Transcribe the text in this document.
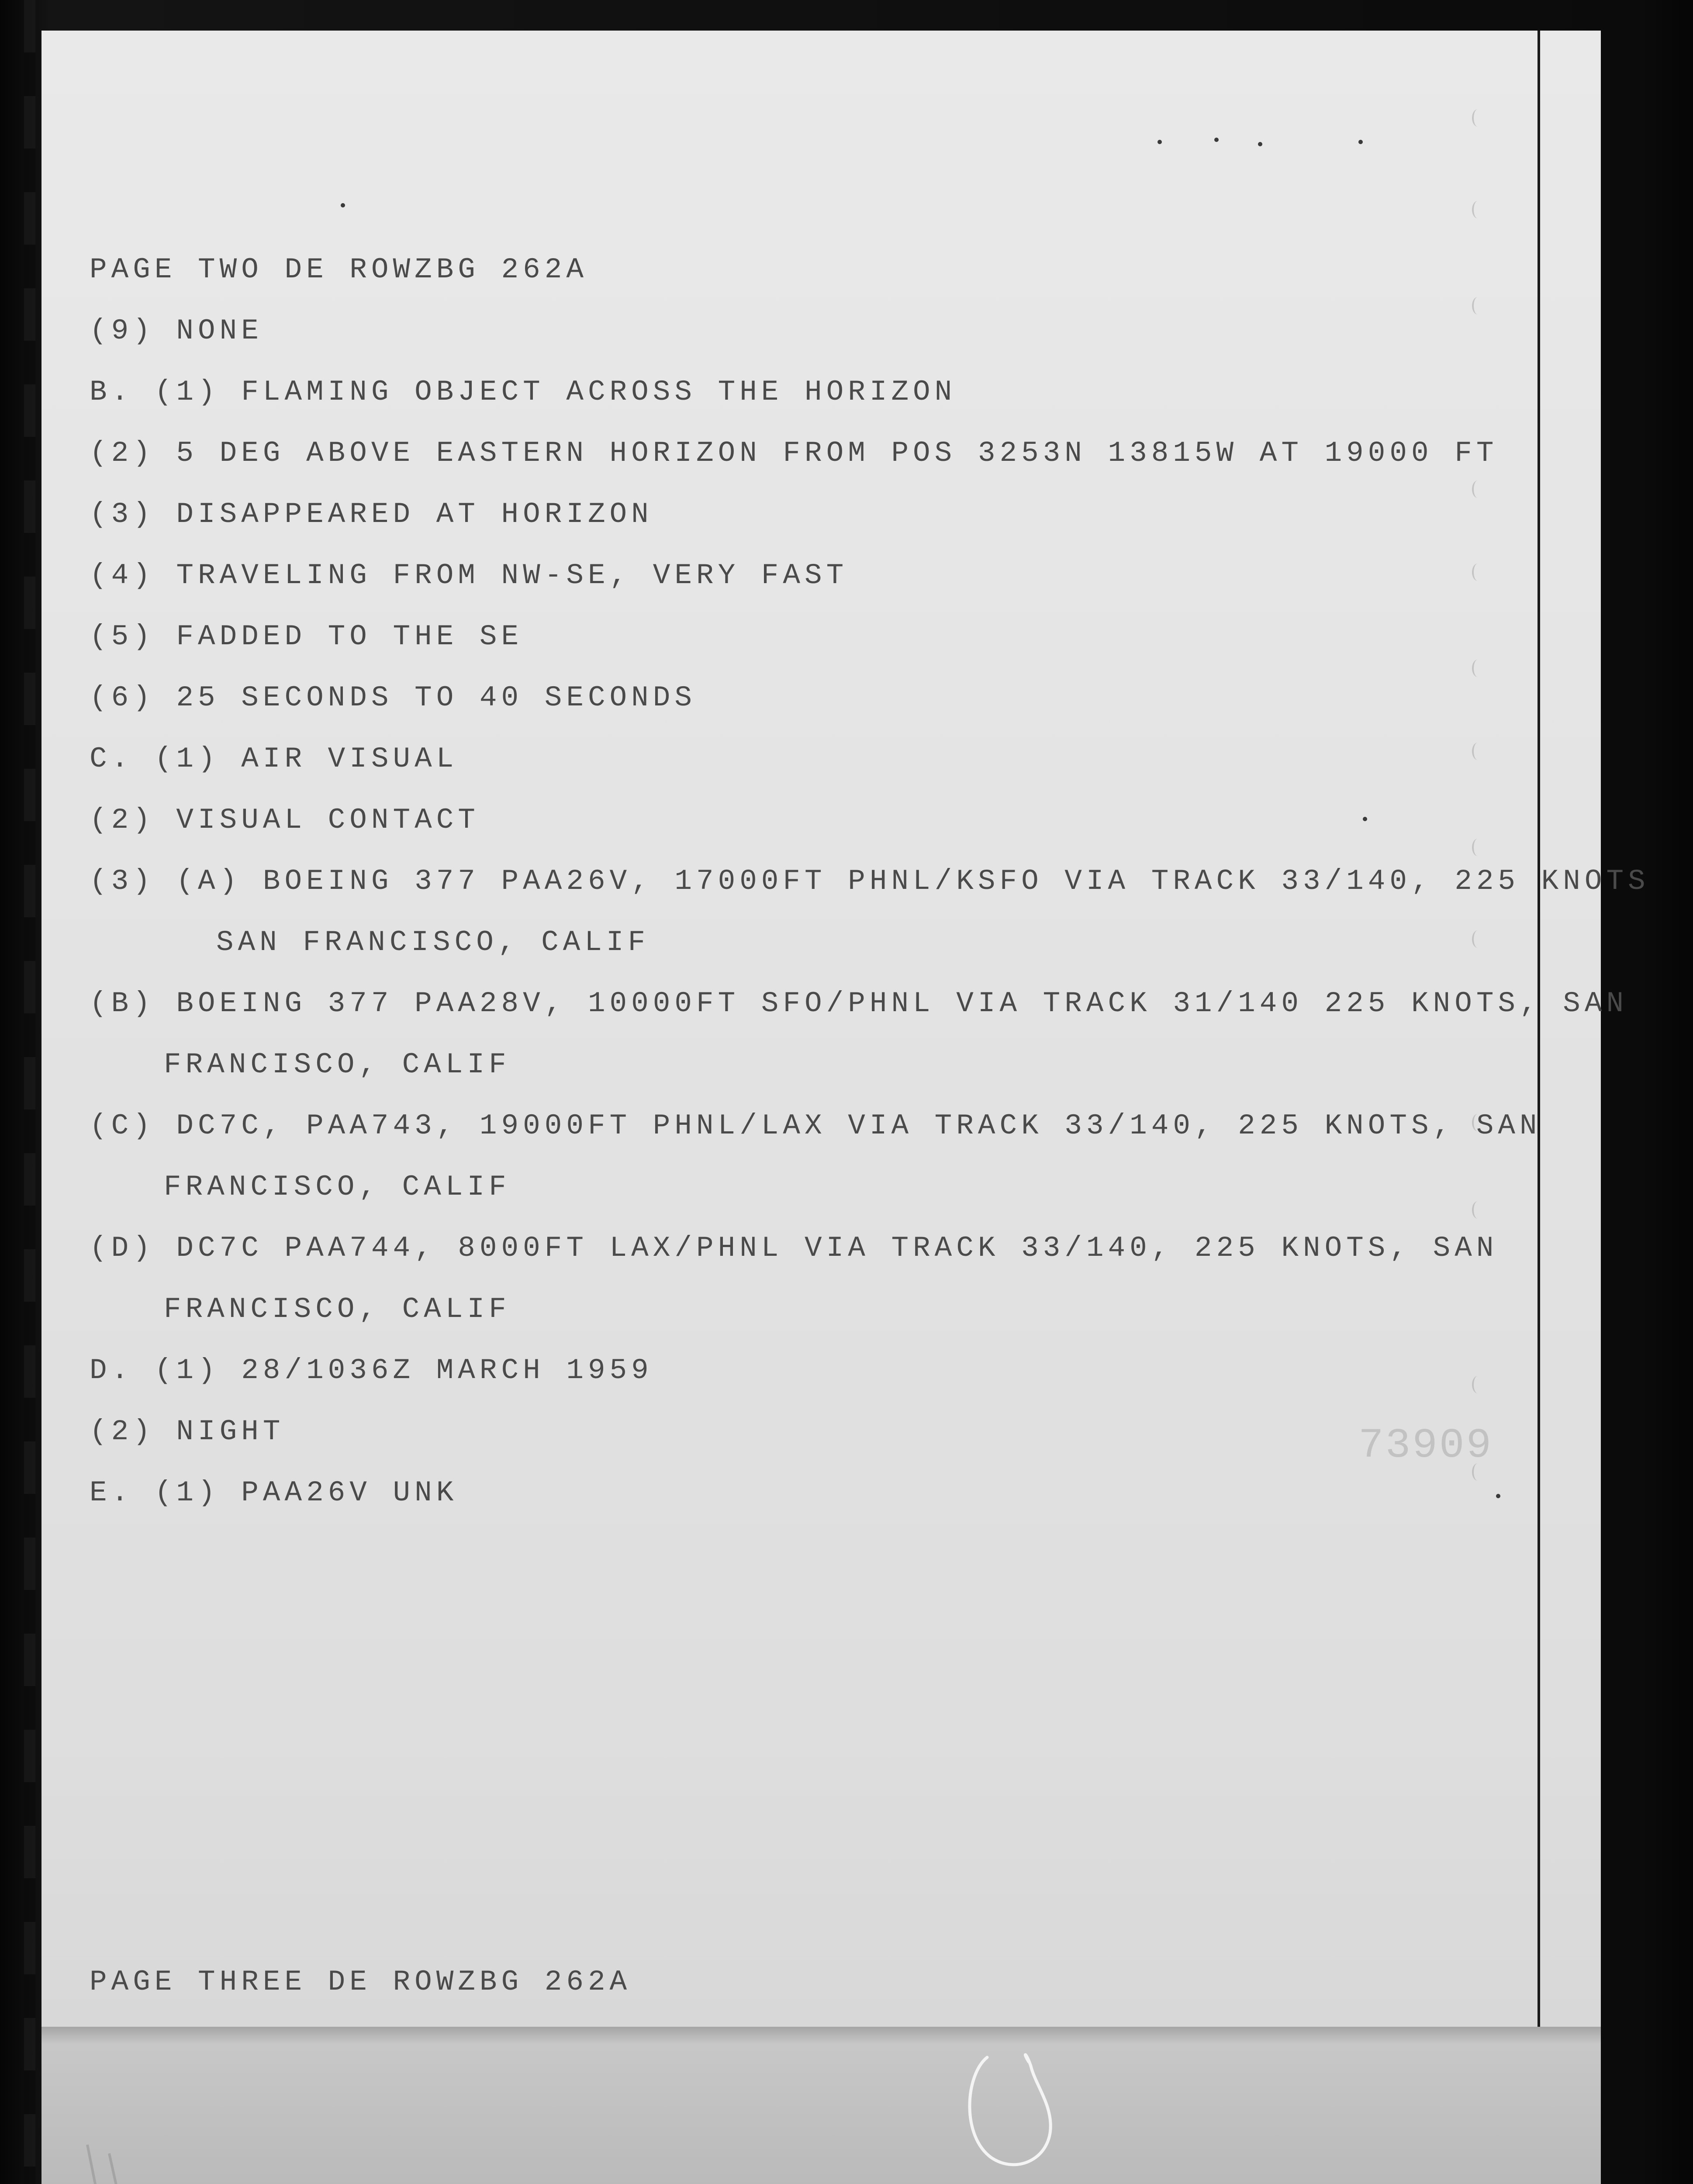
PAGE TWO DE ROWZBG 262A
(9) NONE
B. (1) FLAMING OBJECT ACROSS THE HORIZON
(2) 5 DEG ABOVE EASTERN HORIZON FROM POS 3253N 13815W AT 19000 FT
(3) DISAPPEARED AT HORIZON
(4) TRAVELING FROM NW-SE, VERY FAST
(5) FADDED TO THE SE
(6) 25 SECONDS TO 40 SECONDS
C. (1) AIR VISUAL
(2) VISUAL CONTACT
(3) (A) BOEING 377 PAA26V, 17000FT PHNL/KSFO VIA TRACK 33/140, 225 KNOTS
SAN FRANCISCO, CALIF
(B) BOEING 377 PAA28V, 10000FT SFO/PHNL VIA TRACK 31/140 225 KNOTS, SAN
FRANCISCO, CALIF
(C) DC7C, PAA743, 19000FT PHNL/LAX VIA TRACK 33/140, 225 KNOTS, SAN
FRANCISCO, CALIF
(D) DC7C PAA744, 8000FT LAX/PHNL VIA TRACK 33/140, 225 KNOTS, SAN
FRANCISCO, CALIF
D. (1) 28/1036Z MARCH 1959
(2) NIGHT
E. (1) PAA26V UNK
73909
PAGE THREE DE ROWZBG 262A
